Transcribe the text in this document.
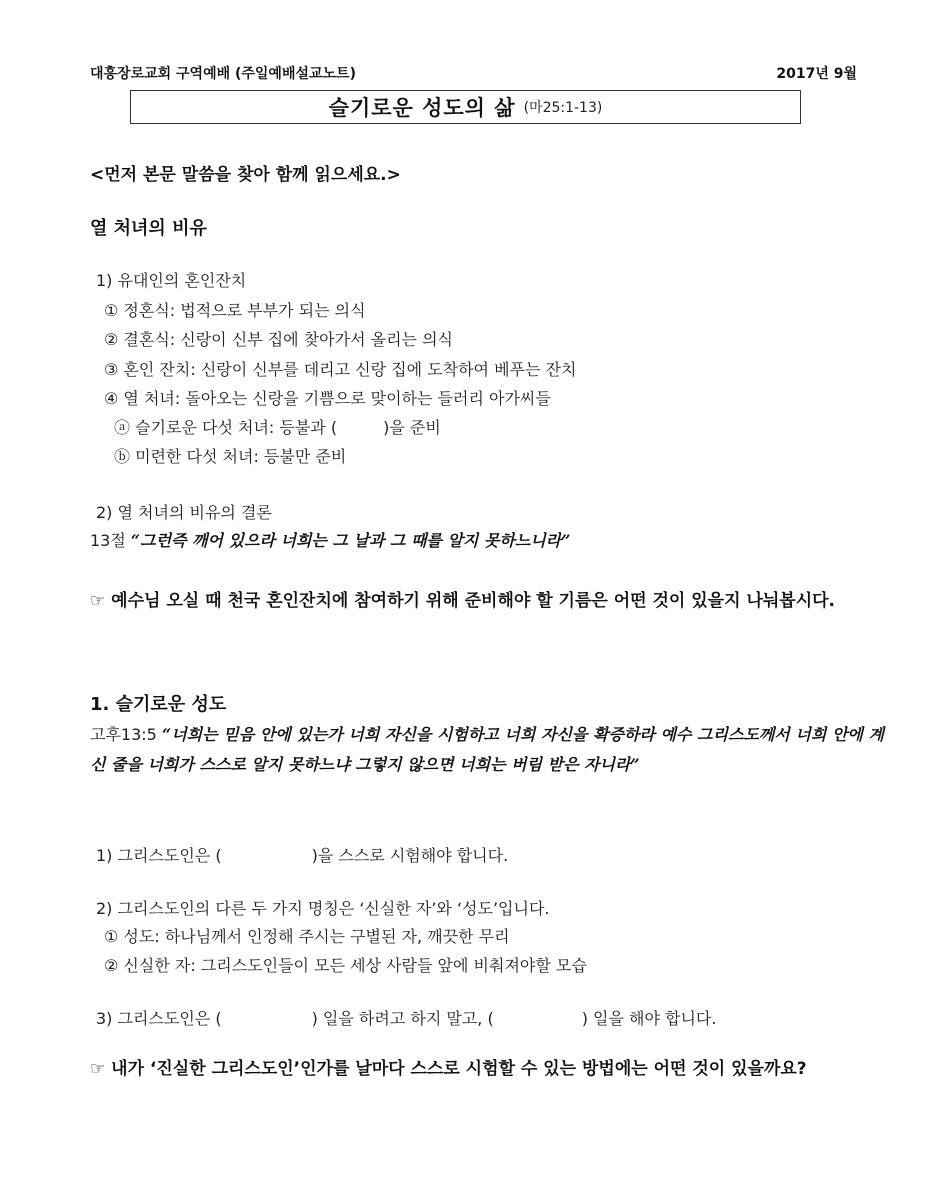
대흥장로교회 구역예배 (주일예배설교노트)	2017년 9월
슬기로운 성도의 삶 (마25:1-13)
<먼저 본문 말씀을 찾아 함께 읽으세요.>
열 처녀의 비유
1) 유대인의 혼인잔치
① 정혼식: 법적으로 부부가 되는 의식
② 결혼식: 신랑이 신부 집에 찾아가서 올리는 의식
③ 혼인 잔치: 신랑이 신부를 데리고 신랑 집에 도착하여 베푸는 잔치
④ 열 처녀: 돌아오는 신랑을 기쁨으로 맞이하는 들러리 아가씨들
ⓐ 슬기로운 다섯 처녀: 등불과 (	)을 준비
ⓑ 미련한 다섯 처녀: 등불만 준비
2) 열 처녀의 비유의 결론
13절 “그런즉 깨어 있으라 너희는 그 날과 그 때를 알지 못하느니라”
☞ 예수님 오실 때 천국 혼인잔치에 참여하기 위해 준비해야 할 기름은 어떤 것이 있을지 나눠봅시다.
1. 슬기로운 성도
고후13:5 “너희는 믿음 안에 있는가 너희 자신을 시험하고 너희 자신을 확증하라 예수 그리스도께서 너희 안에 계신 줄을 너희가 스스로 알지 못하느냐 그렇지 않으면 너희는 버림 받은 자니라”
1) 그리스도인은 (	)을 스스로 시험해야 합니다.
2) 그리스도인의 다른 두 가지 명칭은 ‘신실한 자’와 ‘성도’입니다.
① 성도: 하나님께서 인정해 주시는 구별된 자, 깨끗한 무리
② 신실한 자: 그리스도인들이 모든 세상 사람들 앞에 비춰져야할 모습
3) 그리스도인은 (	) 일을 하려고 하지 말고, (	) 일을 해야 합니다.
☞ 내가 ‘진실한 그리스도인’인가를 날마다 스스로 시험할 수 있는 방법에는 어떤 것이 있을까요?
